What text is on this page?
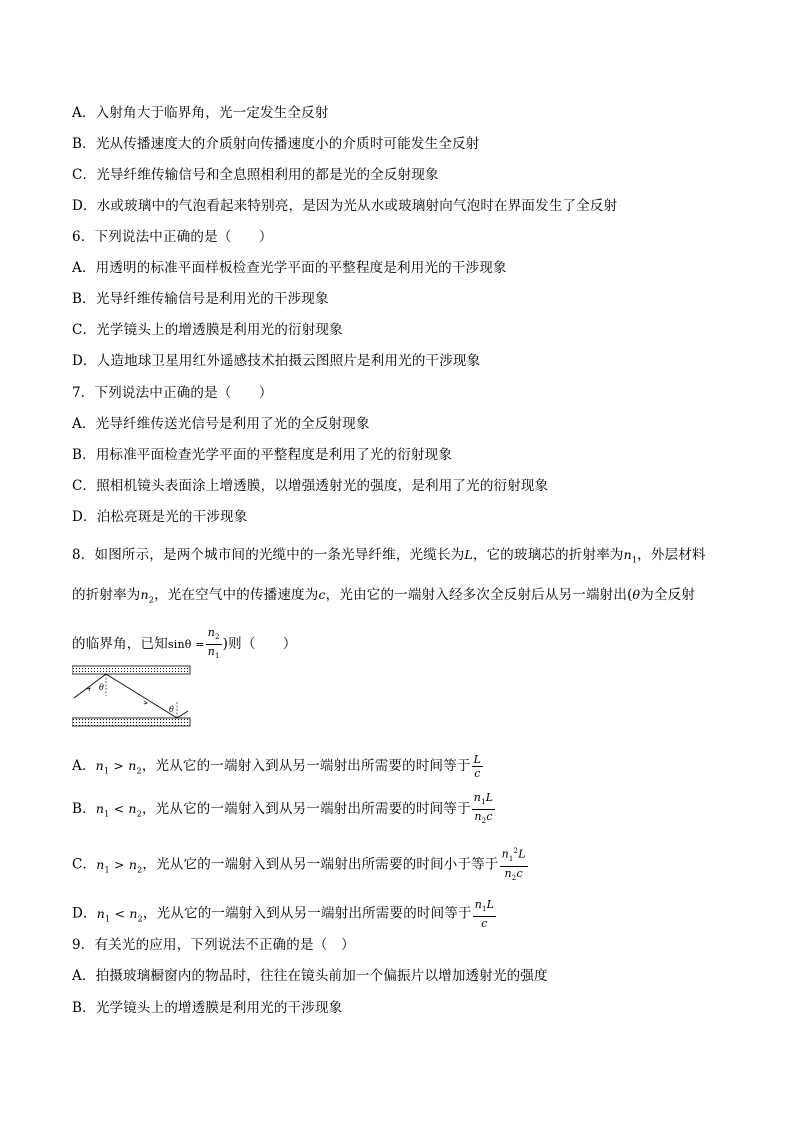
A．入射角大于临界角，光一定发生全反射
B．光从传播速度大的介质射向传播速度小的介质时可能发生全反射
C．光导纤维传输信号和全息照相利用的都是光的全反射现象
D．水或玻璃中的气泡看起来特别亮，是因为光从水或玻璃射向气泡时在界面发生了全反射
6．下列说法中正确的是（　　）
A．用透明的标准平面样板检查光学平面的平整程度是利用光的干涉现象
B．光导纤维传输信号是利用光的干涉现象
C．光学镜头上的增透膜是利用光的衍射现象
D．人造地球卫星用红外遥感技术拍摄云图照片是利用光的干涉现象
7．下列说法中正确的是（　　）
A．光导纤维传送光信号是利用了光的全反射现象
B．用标准平面检查光学平面的平整程度是利用了光的衍射现象
C．照相机镜头表面涂上增透膜，以增强透射光的强度，是利用了光的衍射现象
D．泊松亮斑是光的干涉现象
8．如图所示，是两个城市间的光缆中的一条光导纤维，光缆长为L，它的玻璃芯的折射率为$n_1$，外层材料
的折射率为$n_2$，光在空气中的传播速度为c，光由它的一端射入经多次全反射后从另一端射出(θ为全反射
的临界角，已知$\sin\theta = \frac{n_2}{n_1}$ )则（　　）
θ
θ
A．$n_1 > n_2$，光从它的一端射入到从另一端射出所需要的时间等于 $\frac{L}{c}$
B．$n_1 < n_2$，光从它的一端射入到从另一端射出所需要的时间等于 $\frac{n_1L}{n_2c}$
C．$n_1 > n_2$，光从它的一端射入到从另一端射出所需要的时间小于等于 $\frac{n_1^2L}{n_2c}$
D．$n_1 < n_2$，光从它的一端射入到从另一端射出所需要的时间等于 $\frac{n_1L}{c}$
9．有关光的应用，下列说法不正确的是（　）
A．拍摄玻璃橱窗内的物品时，往往在镜头前加一个偏振片以增加透射光的强度
B．光学镜头上的增透膜是利用光的干涉现象
